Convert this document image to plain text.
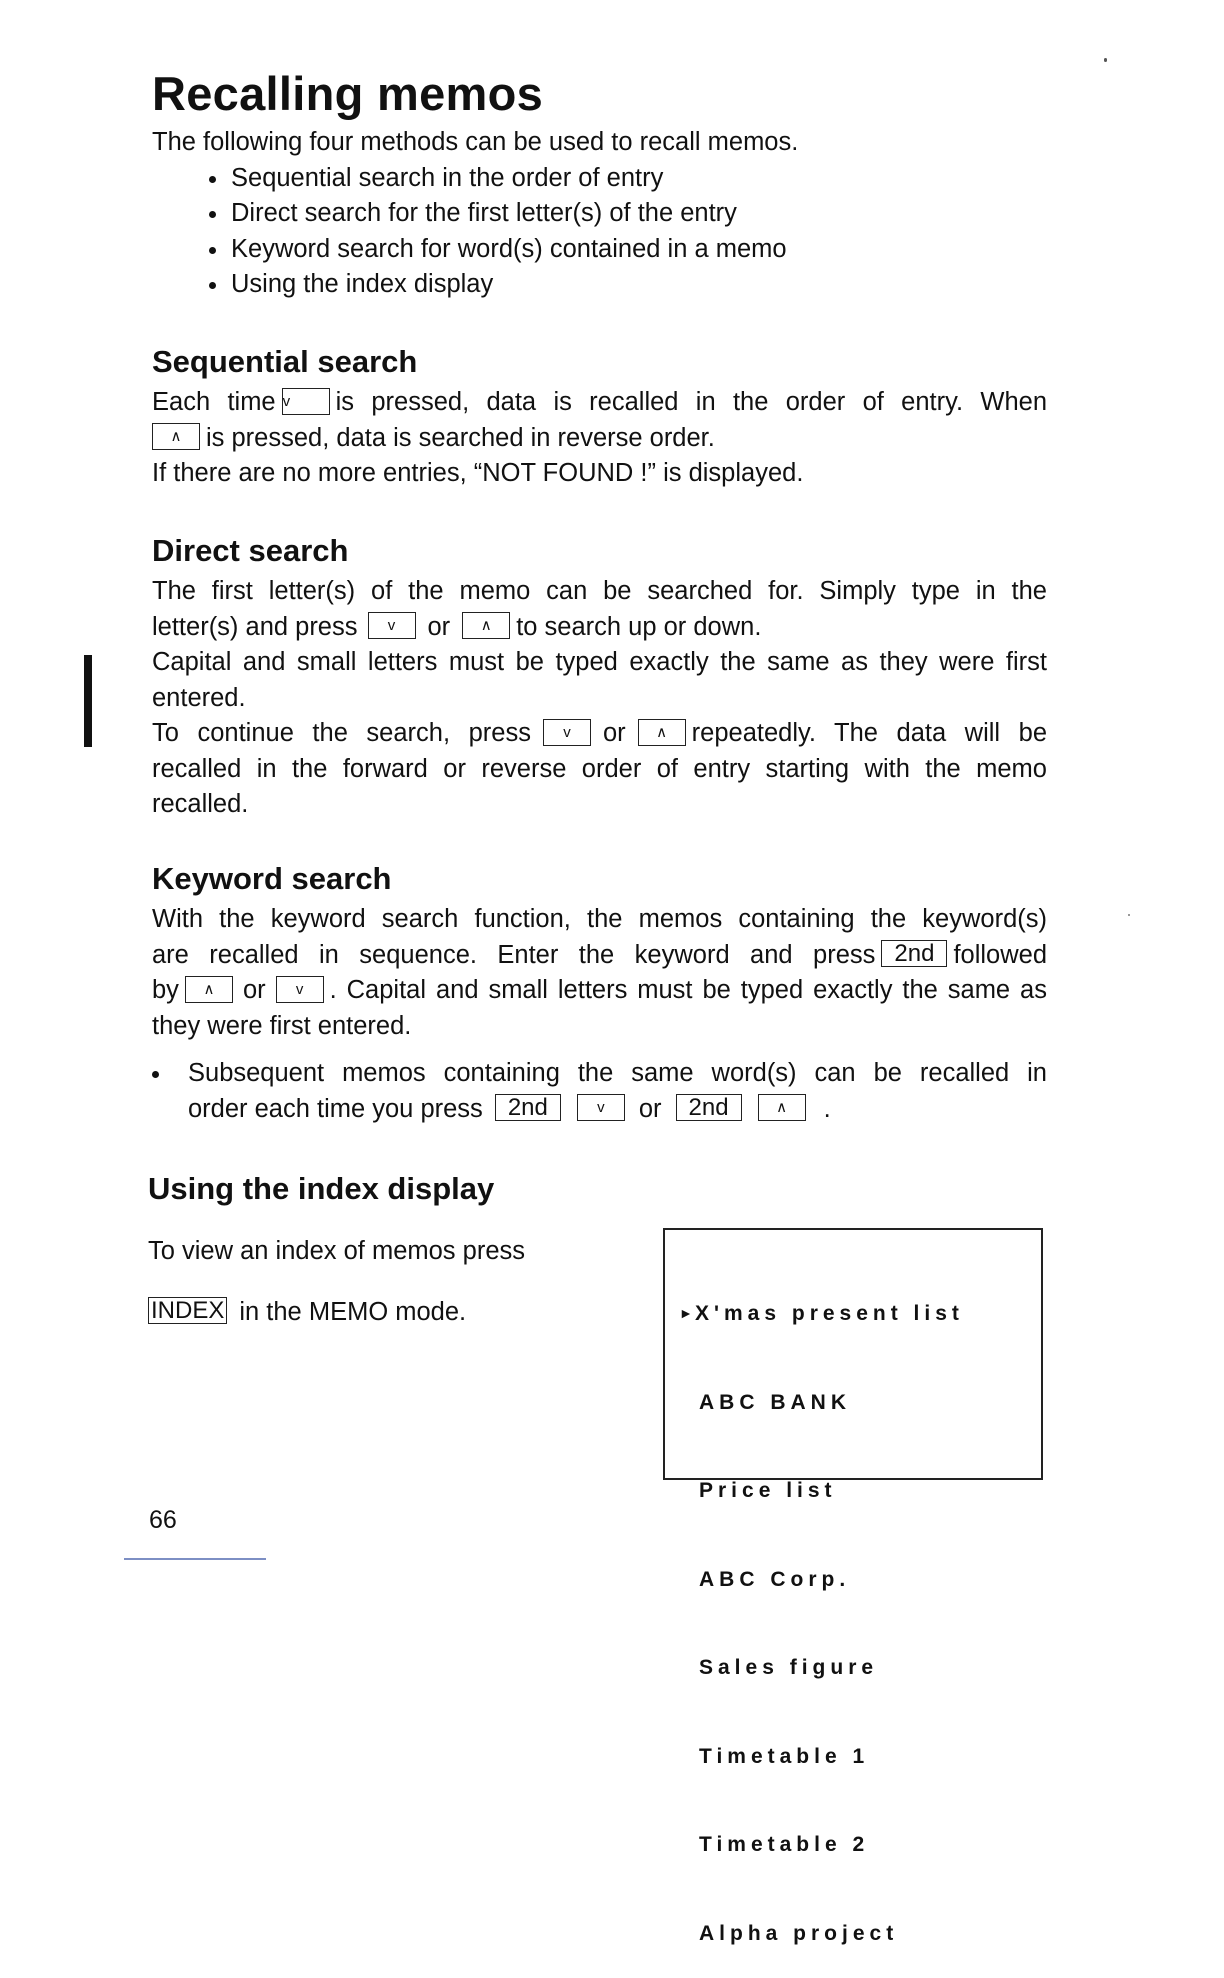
Recalling memos

The following four methods can be used to recall memos.

Sequential search in the order of entry
Direct search for the first letter(s) of the entry
Keyword search for word(s) contained in a memo
Using the index display
Sequential search

Each time v is pressed, data is recalled in the order of entry. When

∧ is pressed, data is searched in reverse order.

If there are no more entries, “NOT FOUND !” is displayed.

Direct search

The first letter(s) of the memo can be searched for. Simply type in the

letter(s) and press v or ∧ to search up or down.

Capital and small letters must be typed exactly the same as they were first entered.

To continue the search, press v or ∧ repeatedly. The data will be recalled in the forward or reverse order of entry starting with the memo recalled.

Keyword search

With the keyword search function, the memos containing the keyword(s)

are recalled in sequence. Enter the keyword and press 2nd followed

by ∧ or v . Capital and small letters must be typed exactly the same as they were first entered.

Subsequent memos containing the same word(s) can be recalled in

order each time you press 2nd	v or 2nd	∧ .

Using the index display

To view an index of memos press

INDEX in the MEMO mode.

	► X'mas present list

ABC BANK

Price list

ABC Corp.

Sales figure

Timetable 1

Timetable 2

Alpha project

66
